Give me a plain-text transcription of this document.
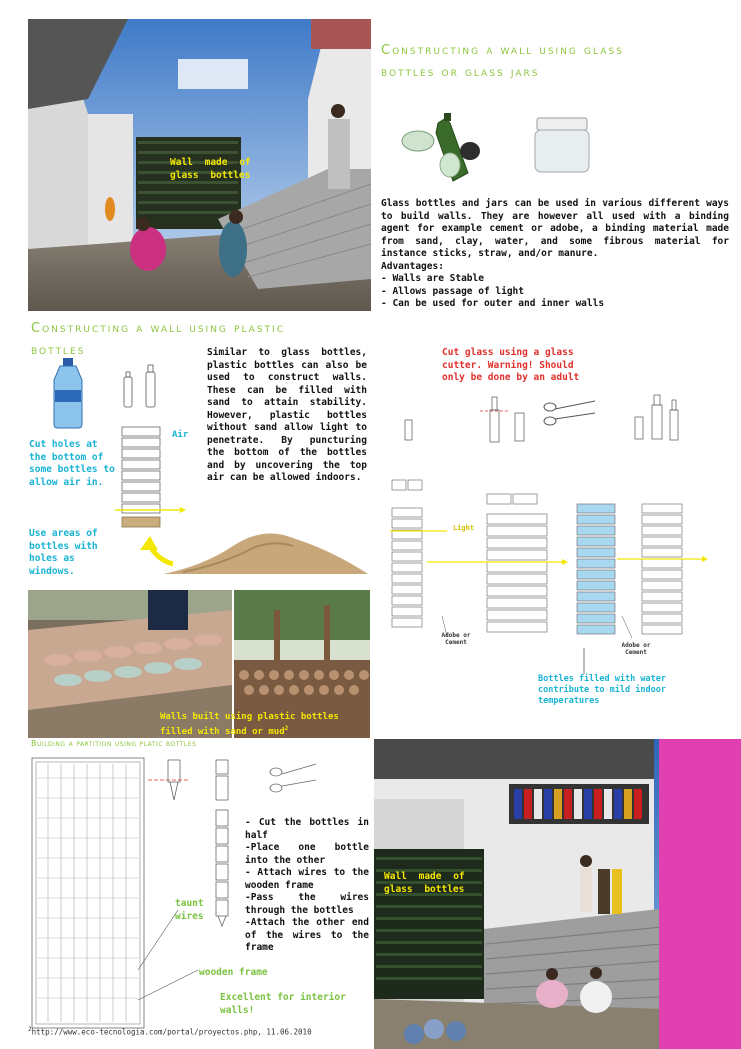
Wall made of
glass bottles
Constructing a wall using glass
bottles or glass jars
Glass bottles and jars can be used in various different ways to build walls. They are however all used with a binding agent for example cement or adobe, a binding material made from sand, clay, water, and some fibrous material for instance sticks, straw, and/or manure.
Advantages:
- Walls are Stable
- Allows passage of light
- Can be used for outer and inner walls
Constructing a wall using plastic
bottles
Air
Similar to glass bottles, plastic bottles can also be used to construct walls. These can be filled with sand to attain stability. However, plastic bottles without sand allow light to penetrate. By puncturing the bottom of the bottles and by uncovering the top air can be allowed indoors.
Cut holes at the bottom of some bottles to allow air in.
Use areas of bottles with holes as windows.
Cut glass using a glass cutter. Warning! Should only be done by an adult
Light
Adobe or Cement	Adobe or Cement
Bottles filled with water contribute to mild indoor temperatures
Walls built using plastic bottles
filled with sand or mud$^2$
Building a partition using platic bottles
- Cut the bottles in half
-Place one bottle into the other
- Attach wires to the wooden frame
-Pass the wires through the bottles
-Attach the other end of the wires to the frame
taunt
wires
wooden frame
Excellent for interior
walls!
$^2$http://www.eco-tecnologia.com/portal/proyectos.php, 11.06.2010
Wall made of
glass bottles
